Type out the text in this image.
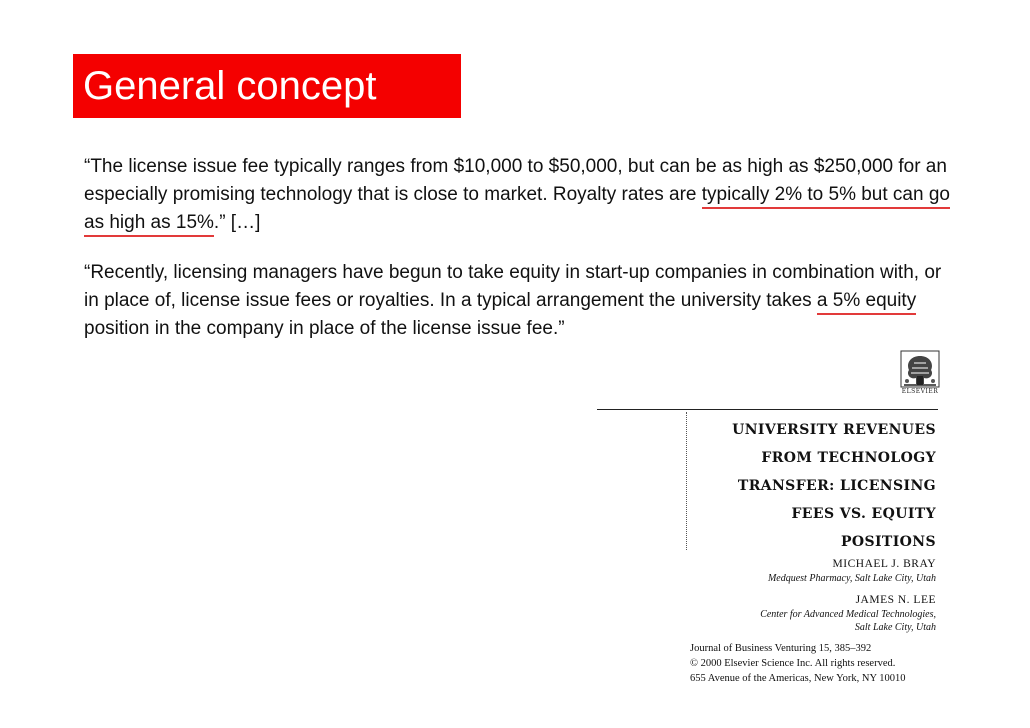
General concept
“The license issue fee typically ranges from $10,000 to $50,000, but can be as high as $250,000 for an especially promising technology that is close to market. Royalty rates are typically 2% to 5% but can go as high as 15%.” […]
“Recently, licensing managers have begun to take equity in start-up companies in combination with, or in place of, license issue fees or royalties. In a typical arrangement the university takes a 5% equity position in the company in place of the license issue fee.”
ELSEVIER
UNIVERSITY REVENUES
FROM TECHNOLOGY
TRANSFER: LICENSING
FEES VS. EQUITY
POSITIONS
MICHAEL J. BRAY
Medquest Pharmacy, Salt Lake City, Utah
JAMES N. LEE
Center for Advanced Medical Technologies,
Salt Lake City, Utah
Journal of Business Venturing 15, 385–392
© 2000 Elsevier Science Inc. All rights reserved.
655 Avenue of the Americas, New York, NY 10010
